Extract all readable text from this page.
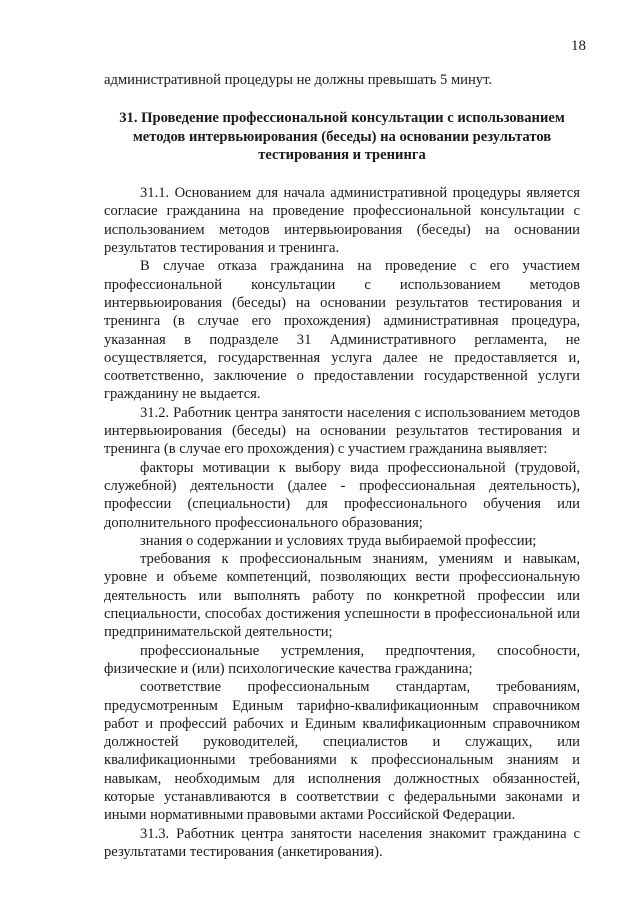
18

административной процедуры не должны превышать 5 минут.

31. Проведение профессиональной консультации с использованием методов интервьюирования (беседы) на основании результатов тестирования и тренинга

31.1. Основанием для начала административной процедуры является согласие гражданина на проведение профессиональной консультации с использованием методов интервьюирования (беседы) на основании результатов тестирования и тренинга.

В случае отказа гражданина на проведение с его участием профессиональной консультации с использованием методов интервьюирования (беседы) на основании результатов тестирования и тренинга (в случае его прохождения) административная процедура, указанная в подразделе 31 Административного регламента, не осуществляется, государственная услуга далее не предоставляется и, соответственно, заключение о предоставлении государственной услуги гражданину не выдается.

31.2. Работник центра занятости населения с использованием методов интервьюирования (беседы) на основании результатов тестирования и тренинга (в случае его прохождения) с участием гражданина выявляет:

факторы мотивации к выбору вида профессиональной (трудовой, служебной) деятельности (далее - профессиональная деятельность), профессии (специальности) для профессионального обучения или дополнительного профессионального образования;

знания о содержании и условиях труда выбираемой профессии;

требования к профессиональным знаниям, умениям и навыкам, уровне и объеме компетенций, позволяющих вести профессиональную деятельность или выполнять работу по конкретной профессии или специальности, способах достижения успешности в профессиональной или предпринимательской деятельности;

профессиональные устремления, предпочтения, способности, физические и (или) психологические качества гражданина;

соответствие профессиональным стандартам, требованиям, предусмотренным Единым тарифно-квалификационным справочником работ и профессий рабочих и Единым квалификационным справочником должностей руководителей, специалистов и служащих, или квалификационными требованиями к профессиональным знаниям и навыкам, необходимым для исполнения должностных обязанностей, которые устанавливаются в соответствии с федеральными законами и иными нормативными правовыми актами Российской Федерации.

31.3. Работник центра занятости населения знакомит гражданина с результатами тестирования (анкетирования).
